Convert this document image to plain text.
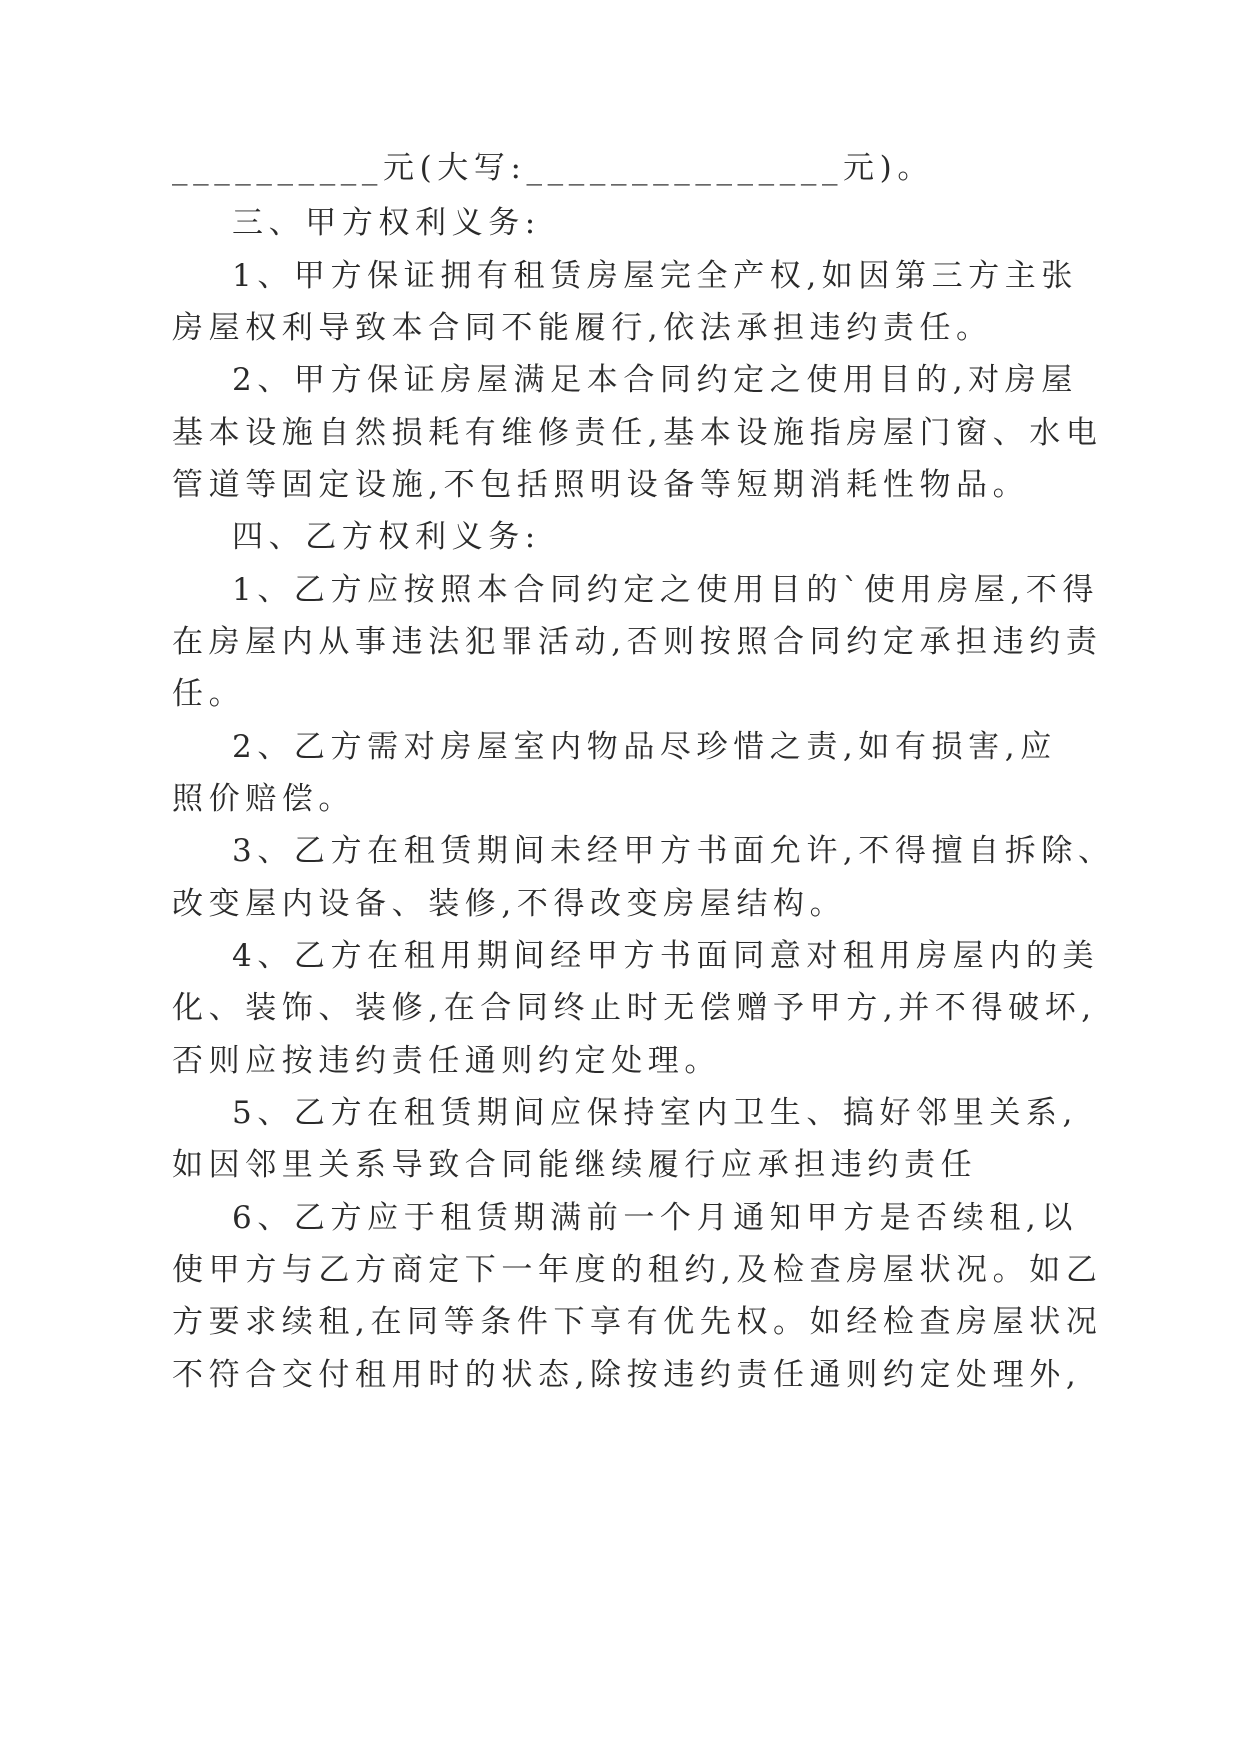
__________元(大写:_______________元)。
三、甲方权利义务:
1、甲方保证拥有租赁房屋完全产权,如因第三方主张
房屋权利导致本合同不能履行,依法承担违约责任。
2、甲方保证房屋满足本合同约定之使用目的,对房屋
基本设施自然损耗有维修责任,基本设施指房屋门窗、水电
管道等固定设施,不包括照明设备等短期消耗性物品。
四、乙方权利义务:
1、乙方应按照本合同约定之使用目的`使用房屋,不得
在房屋内从事违法犯罪活动,否则按照合同约定承担违约责
任。
2、乙方需对房屋室内物品尽珍惜之责,如有损害,应
照价赔偿。
3、乙方在租赁期间未经甲方书面允许,不得擅自拆除、
改变屋内设备、装修,不得改变房屋结构。
4、乙方在租用期间经甲方书面同意对租用房屋内的美
化、装饰、装修,在合同终止时无偿赠予甲方,并不得破坏,
否则应按违约责任通则约定处理。
5、乙方在租赁期间应保持室内卫生、搞好邻里关系,
如因邻里关系导致合同能继续履行应承担违约责任
6、乙方应于租赁期满前一个月通知甲方是否续租,以
使甲方与乙方商定下一年度的租约,及检查房屋状况。如乙
方要求续租,在同等条件下享有优先权。如经检查房屋状况
不符合交付租用时的状态,除按违约责任通则约定处理外,
